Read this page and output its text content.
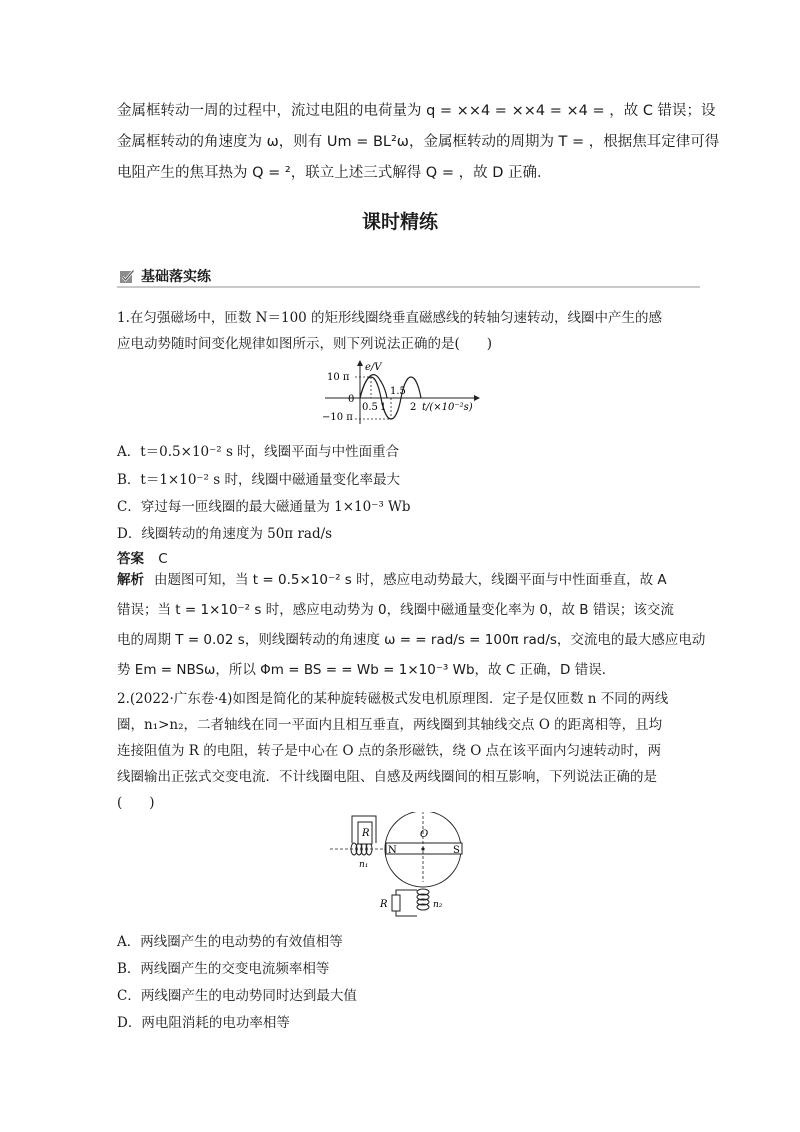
金属框转动一周的过程中，流过电阻的电荷量为 q = ××4 = ××4 = ×4 = ，故 C 错误；设
金属框转动的角速度为 ω，则有 Um = BL²ω，金属框转动的周期为 T = ，根据焦耳定律可得
电阻产生的焦耳热为 Q = ²，联立上述三式解得 Q = ，故 D 正确．
课时精练
基础落实练
1.在匀强磁场中，匝数 N＝100 的矩形线圈绕垂直磁感线的转轴匀速转动，线圈中产生的感
应电动势随时间变化规律如图所示，则下列说法正确的是(　　)
e/V
10 π
0
−10 π
0.5 1
1.5
2 t/(×10⁻²s)
A．t＝0.5×10⁻² s 时，线圈平面与中性面重合
B．t＝1×10⁻² s 时，线圈中磁通量变化率最大
C．穿过每一匝线圈的最大磁通量为 1×10⁻³ Wb
D．线圈转动的角速度为 50π rad/s
答案 C
解析 由题图可知，当 t = 0.5×10⁻² s 时，感应电动势最大，线圈平面与中性面垂直，故 A
错误；当 t = 1×10⁻² s 时，感应电动势为 0，线圈中磁通量变化率为 0，故 B 错误；该交流
电的周期 T = 0.02 s，则线圈转动的角速度 ω = = rad/s = 100π rad/s，交流电的最大感应电动
势 Em = NBSω，所以 Φm = BS = = Wb = 1×10⁻³ Wb，故 C 正确，D 错误．
2.(2022·广东卷·4)如图是简化的某种旋转磁极式发电机原理图．定子是仅匝数 n 不同的两线
圈，n₁>n₂，二者轴线在同一平面内且相互垂直，两线圈到其轴线交点 O 的距离相等，且均
连接阻值为 R 的电阻，转子是中心在 O 点的条形磁铁，绕 O 点在该平面内匀速转动时，两
线圈输出正弦式交变电流．不计线圈电阻、自感及两线圈间的相互影响，下列说法正确的是
(　　)
O
N	S
R
n₁
R	n₂
A．两线圈产生的电动势的有效值相等
B．两线圈产生的交变电流频率相等
C．两线圈产生的电动势同时达到最大值
D．两电阻消耗的电功率相等
